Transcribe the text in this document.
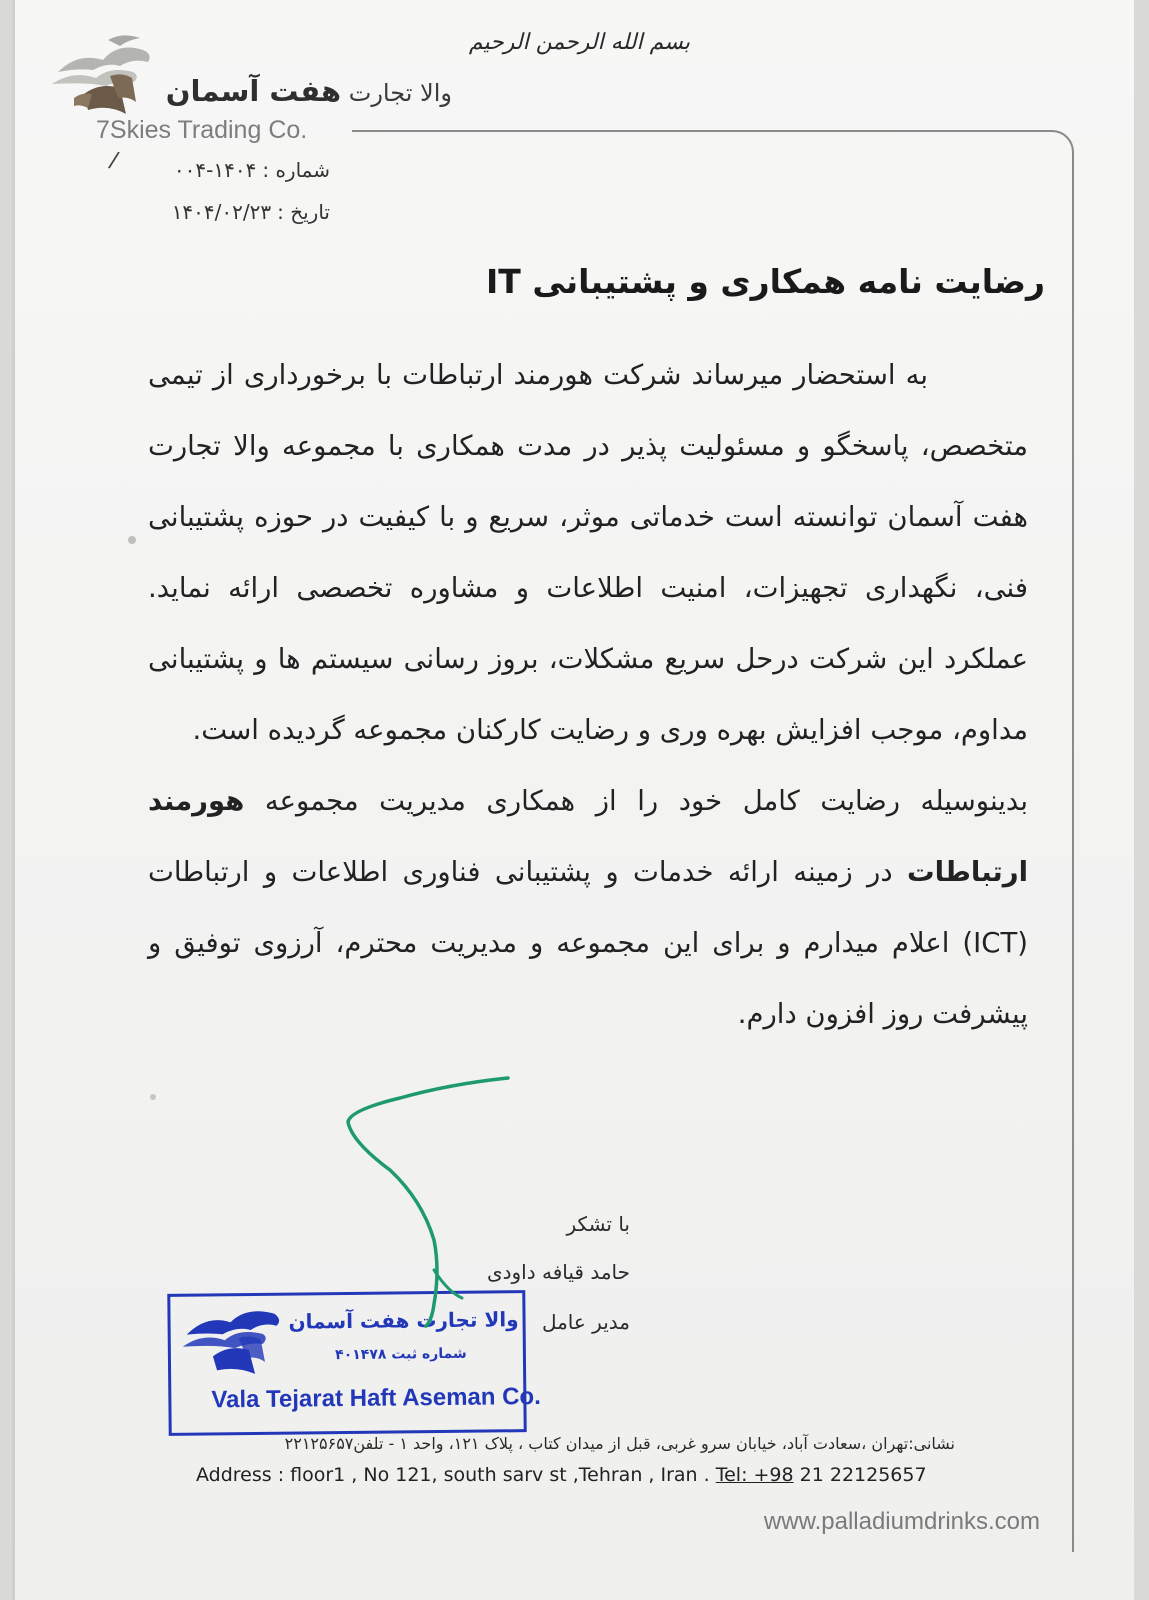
والا تجارت هفت آسمان
7Skies Trading Co.
/	شماره :۱۴۰۴-۰۰۴
تاریخ :۱۴۰۴/۰۲/۲۳
بسم الله الرحمن الرحیم
رضایت نامه همکاری و پشتیبانی IT

به استحضار میرساند شرکت هورمند ارتباطات با برخورداری از تیمی متخصص، پاسخگو و مسئولیت پذیر در مدت همکاری با مجموعه والا تجارت هفت آسمان توانسته است خدماتی موثر، سریع و با کیفیت در حوزه پشتیبانی فنی، نگهداری تجهیزات، امنیت اطلاعات و مشاوره تخصصی ارائه نماید. عملکرد این شرکت درحل سریع مشکلات، بروز رسانی سیستم ها و پشتیبانی مداوم، موجب افزایش بهره وری و رضایت کارکنان مجموعه گردیده است.

بدینوسیله رضایت کامل خود را از همکاری مدیریت مجموعه هورمند ارتباطات در زمینه ارائه خدمات و پشتیبانی فناوری اطلاعات و ارتباطات (ICT) اعلام میدارم و برای این مجموعه و مدیریت محترم، آرزوی توفیق و پیشرفت روز افزون دارم.

با تشکر
حامد قیافه داودی
والا تجارت هفت آسمان
شماره ثبت ۴۰۱۴۷۸
Vala Tejarat Haft Aseman Co.
مدیر عامل
نشانی:تهران ،سعادت آباد، خیابان سرو غربی، قبل از میدان کتاب ، پلاک ۱۲۱، واحد ۱ - تلفن۲۲۱۲۵۶۵۷
Address : floor1 , No 121, south sarv st ,Tehran , Iran . Tel: +98 21 22125657
www.palladiumdrinks.com
